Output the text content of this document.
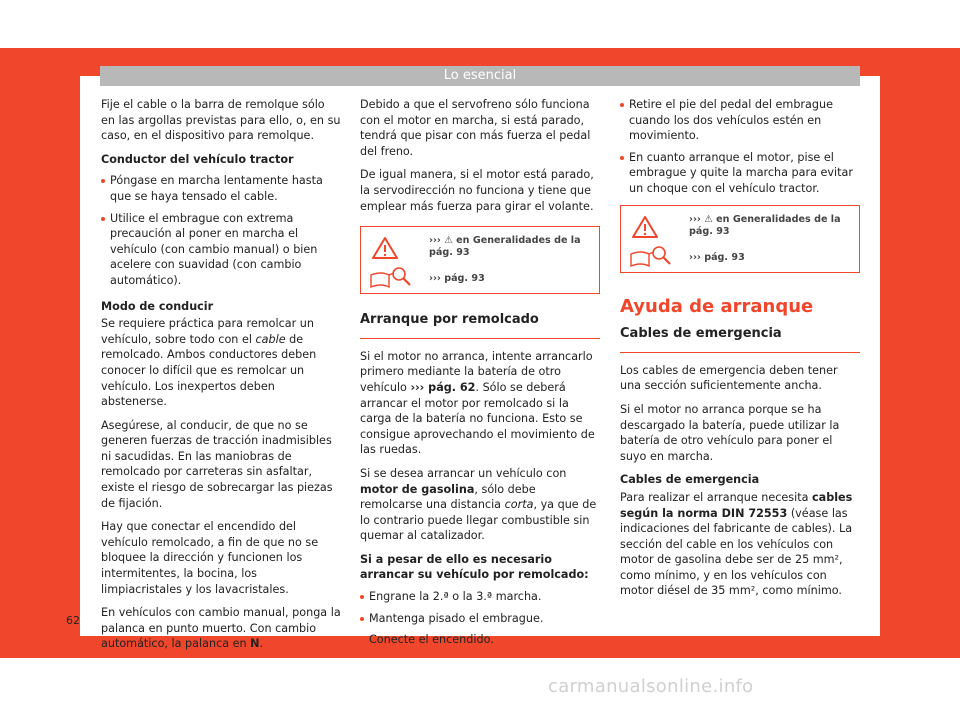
Lo esencial

Fije el cable o la barra de remolque sólo en las argollas previstas para ello, o, en su caso, en el dispositivo para remolque.

Conductor del vehículo tractor
Póngase en marcha lentamente hasta que se haya tensado el cable.
Utilice el embrague con extrema precaución al poner en marcha el vehículo (con cambio manual) o bien acelere con suavidad (con cambio automático).
Modo de conducir

Se requiere práctica para remolcar un vehículo, sobre todo con el cable de remolcado. Ambos conductores deben conocer lo difícil que es remolcar un vehículo. Los inexpertos deben abstenerse.

Asegúrese, al conducir, de que no se generen fuerzas de tracción inadmisibles ni sacudidas. En las maniobras de remolcado por carreteras sin asfaltar, existe el riesgo de sobrecargar las piezas de fijación.

Hay que conectar el encendido del vehículo remolcado, a fin de que no se bloquee la dirección y funcionen los intermitentes, la bocina, los limpiacristales y los lavacristales.

En vehículos con cambio manual, ponga la palanca en punto muerto. Con cambio automático, la palanca en N.

Debido a que el servofreno sólo funciona con el motor en marcha, si está parado, tendrá que pisar con más fuerza el pedal del freno.

De igual manera, si el motor está parado, la servodirección no funciona y tiene que emplear más fuerza para girar el volante.

››› ⚠ en Generalidades de la pág. 93
››› pág. 93
Arranque por remolcado

Si el motor no arranca, intente arrancarlo primero mediante la batería de otro vehículo ››› pág. 62. Sólo se deberá arrancar el motor por remolcado si la carga de la batería no funciona. Esto se consigue aprovechando el movimiento de las ruedas.

Si se desea arrancar un vehículo con motor de gasolina, sólo debe remolcarse una distancia corta, ya que de lo contrario puede llegar combustible sin quemar al catalizador.

Si a pesar de ello es necesario arrancar su vehículo por remolcado:
Engrane la 2.ª o la 3.ª marcha.
Mantenga pisado el embrague.
Conecte el encendido.
Retire el pie del pedal del embrague cuando los dos vehículos estén en movimiento.
En cuanto arranque el motor, pise el embrague y quite la marcha para evitar un choque con el vehículo tractor.
››› ⚠ en Generalidades de la pág. 93
››› pág. 93
Ayuda de arranque
Cables de emergencia

Los cables de emergencia deben tener una sección suficientemente ancha.

Si el motor no arranca porque se ha descargado la batería, puede utilizar la batería de otro vehículo para poner el suyo en marcha.

Cables de emergencia

Para realizar el arranque necesita cables según la norma DIN 72553 (véase las indicaciones del fabricante de cables). La sección del cable en los vehículos con motor de gasolina debe ser de 25 mm², como mínimo, y en los vehículos con motor diésel de 35 mm², como mínimo.

62
carmanualsonline.info
